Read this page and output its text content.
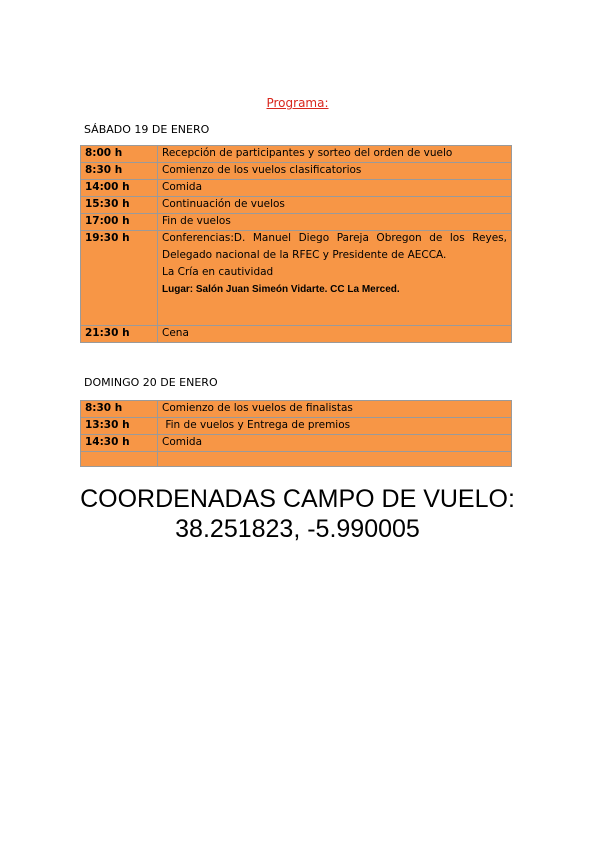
Programa:
SÁBADO 19 DE ENERO
8:00 h	Recepción de participantes y sorteo del orden de vuelo
8:30 h	Comienzo de los vuelos clasificatorios
14:00 h	Comida
15:30 h	Continuación de vuelos
17:00 h	Fin de vuelos
19:30 h	Conferencias:D. Manuel Diego Pareja Obregon de los Reyes,
Delegado nacional de la RFEC y Presidente de AECCA.
La Cría en cautividad
Lugar: Salón Juan Simeón Vidarte. CC La Merced.

21:30 h	Cena
DOMINGO 20 DE ENERO
8:30 h	Comienzo de los vuelos de finalistas
13:30 h	Fin de vuelos y Entrega de premios
14:30 h	Comida

COORDENADAS CAMPO DE VUELO:
38.251823, -5.990005
